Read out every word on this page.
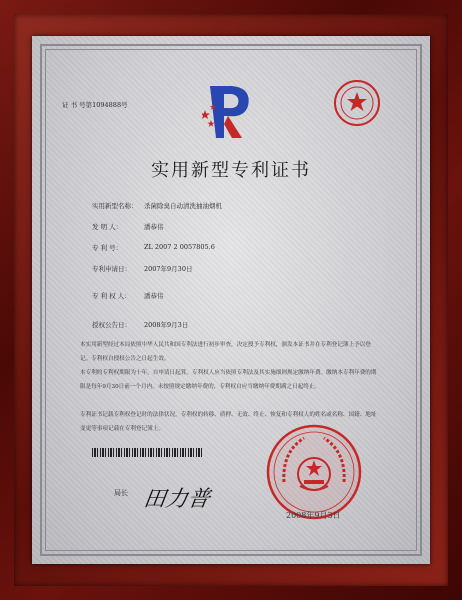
证 书 号第1094888号
实用新型专利证书
实用新型名称： 杀菌除臭自动清洗抽油烟机
发 明 人：	潘恭伟
专 利 号：	ZL 2007 2 0057805.6
专利申请日： 2007年9月30日
专 利 权 人： 潘恭伟
授权公告日： 2008年9月3日
本实用新型经过本局依照中华人民共和国专利法进行初步审查，决定授予专利权，颁发本证书并在专利登记簿上予以登记。专利权自授权公告之日起生效。
本专利的专利权期限为十年，自申请日起算。专利权人应当依照专利法及其实施细则规定缴纳年费。缴纳本专利年费的期限是每年9月30日前一个月内。未按照规定缴纳年费的，专利权自应当缴纳年费期满之日起终止。
专利证书记载专利权登记时的法律状况。专利权的转移、质押、无效、终止、恢复和专利权人的姓名或名称、国籍、地址变更等事项记载在专利登记簿上。
局长 田力普
2008年9月3日
